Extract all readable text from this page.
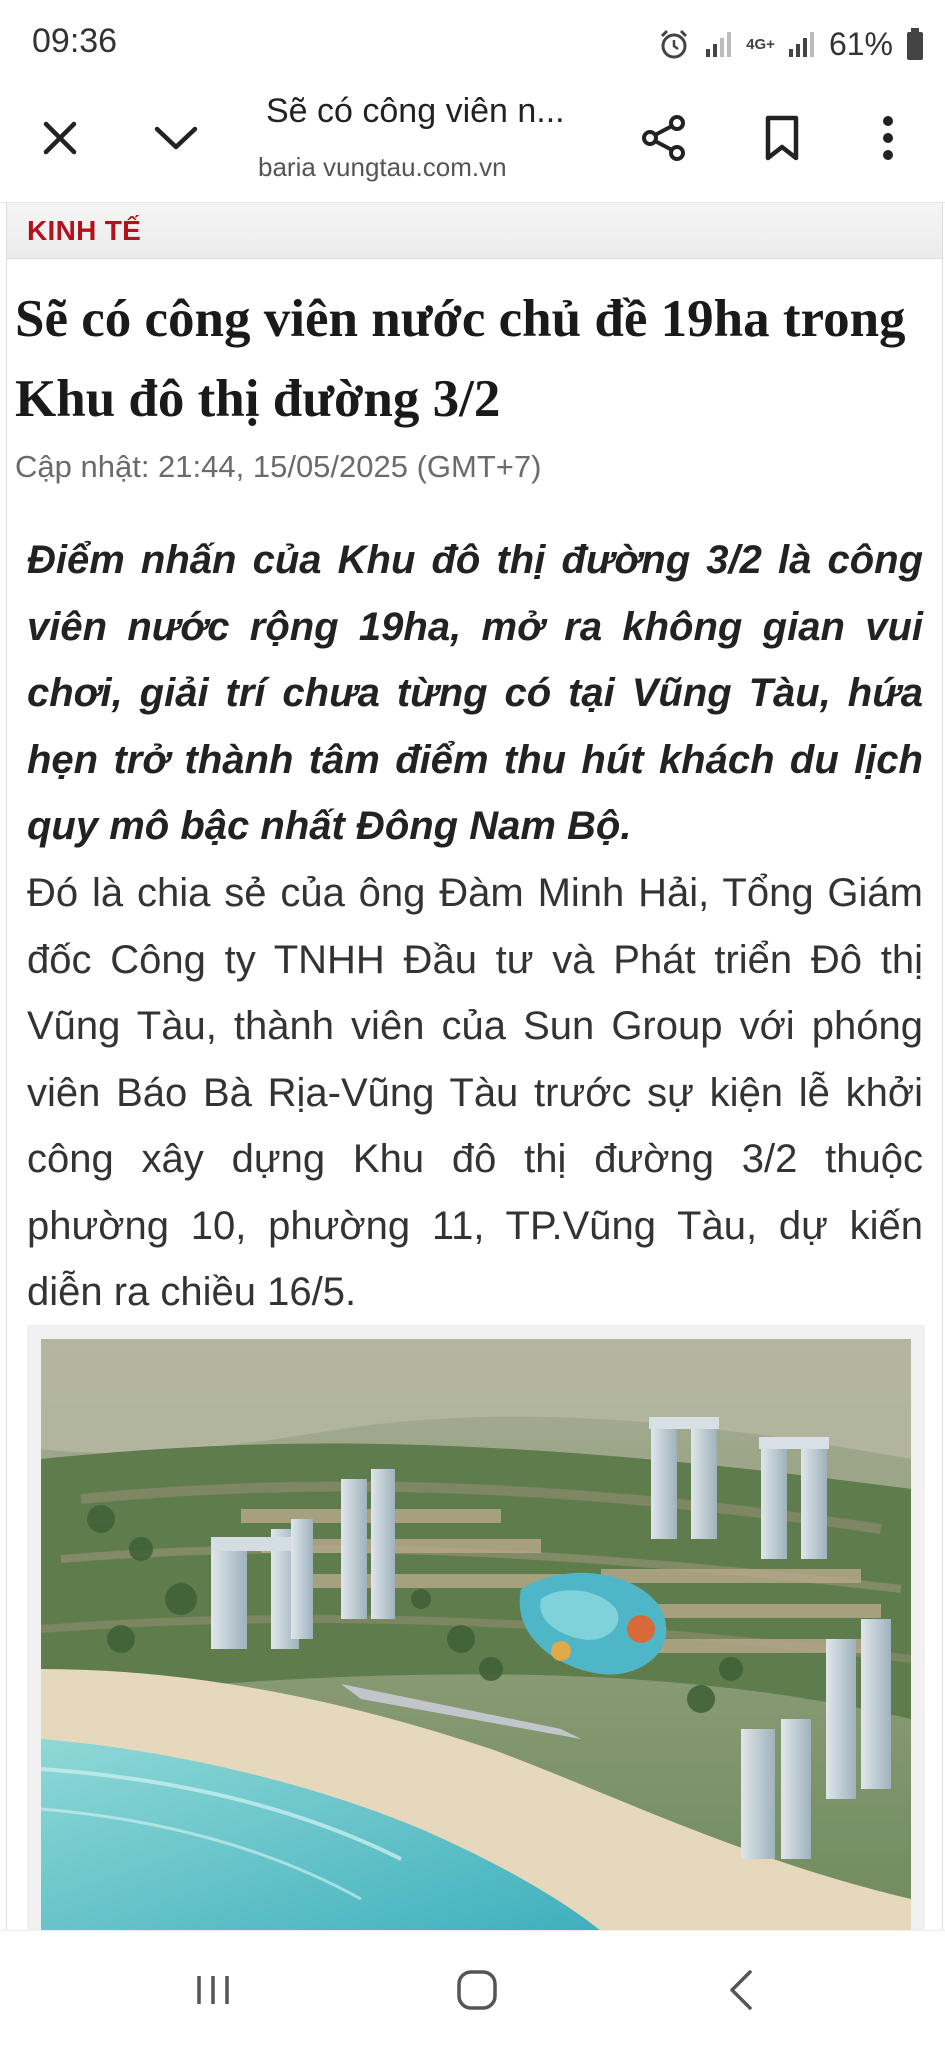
09:36	4G+ 61%
Sẽ có công viên n...
baria vungtau.com.vn
KINH TẾ
Sẽ có công viên nước chủ đề 19ha trong Khu đô thị đường 3/2
Cập nhật: 21:44, 15/05/2025 (GMT+7)

Điểm nhấn của Khu đô thị đường 3/2 là công viên nước rộng 19ha, mở ra không gian vui chơi, giải trí chưa từng có tại Vũng Tàu, hứa hẹn trở thành tâm điểm thu hút khách du lịch quy mô bậc nhất Đông Nam Bộ.

Đó là chia sẻ của ông Đàm Minh Hải, Tổng Giám đốc Công ty TNHH Đầu tư và Phát triển Đô thị Vũng Tàu, thành viên của Sun Group với phóng viên Báo Bà Rịa-Vũng Tàu trước sự kiện lễ khởi công xây dựng Khu đô thị đường 3/2 thuộc phường 10, phường 11, TP.Vũng Tàu, dự kiến diễn ra chiều 16/5.
